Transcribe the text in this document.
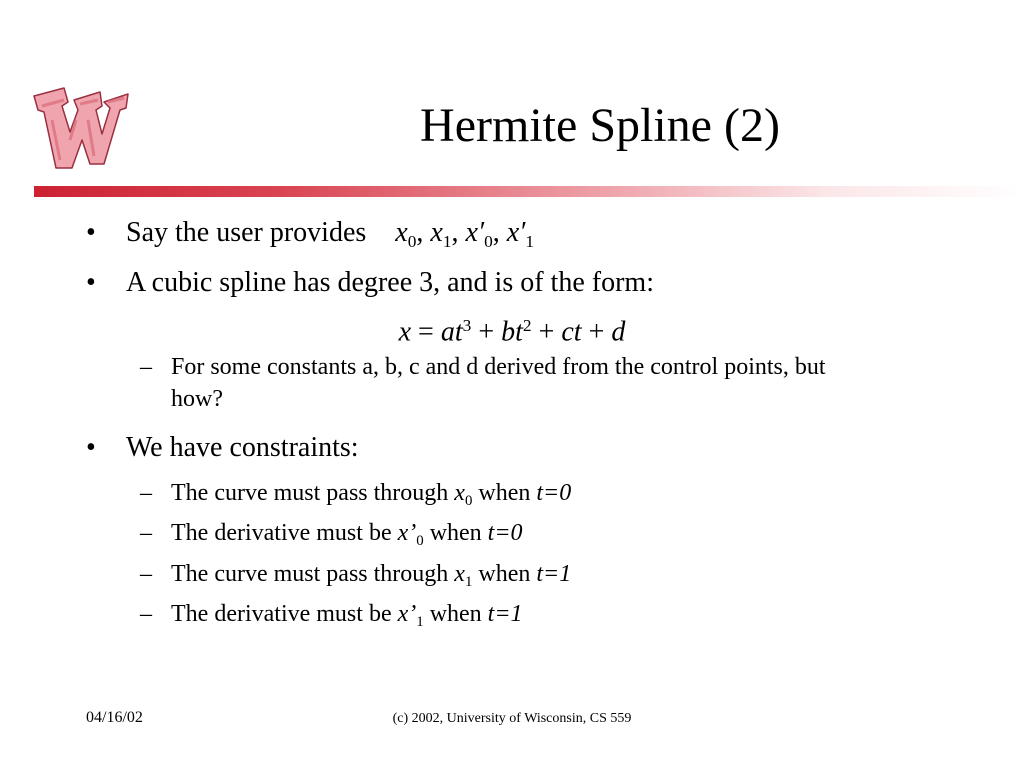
Hermite Spline (2)
• Say the user provides $x_0$, $x_1$, $x'_0$, $x'_1$
• A cubic spline has degree 3, and is of the form:
$x = at^3 + bt^2$ + ct + d
– For some constants a, b, c and d derived from the control points, but
how?
• We have constraints:
– The curve must pass through $x_0$ when t=0
– The derivative must be $x’_0$ when t=0
– The curve must pass through $x_1$ when t=1
– The derivative must be $x’_1$ when t=1
04/16/02	(c) 2002, University of Wisconsin, CS 559
